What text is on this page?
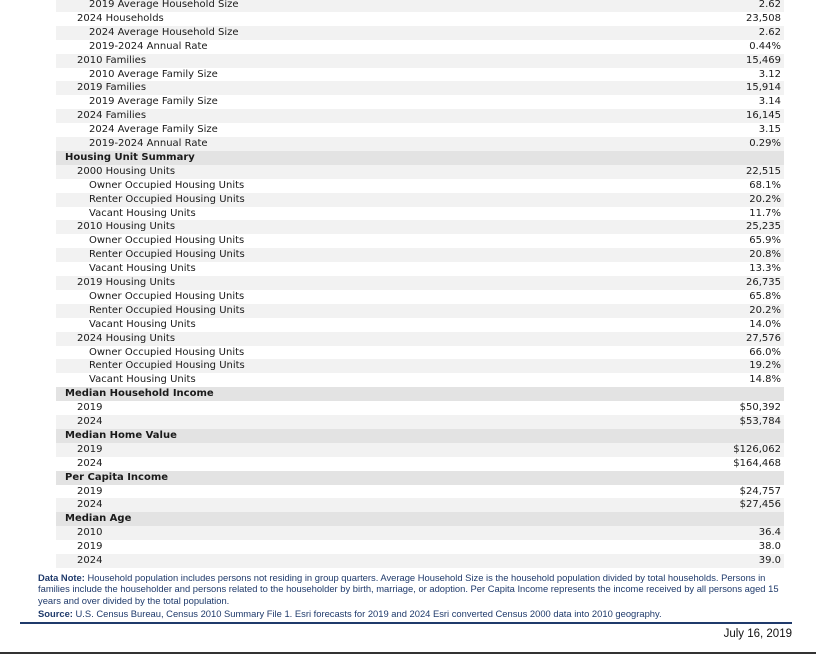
2019 Average Household Size	2.62
2024 Households	23,508
2024 Average Household Size	2.62
2019-2024 Annual Rate	0.44%
2010 Families	15,469
2010 Average Family Size	3.12
2019 Families	15,914
2019 Average Family Size	3.14
2024 Families	16,145
2024 Average Family Size	3.15
2019-2024 Annual Rate	0.29%
Housing Unit Summary
2000 Housing Units	22,515
Owner Occupied Housing Units	68.1%
Renter Occupied Housing Units	20.2%
Vacant Housing Units	11.7%
2010 Housing Units	25,235
Owner Occupied Housing Units	65.9%
Renter Occupied Housing Units	20.8%
Vacant Housing Units	13.3%
2019 Housing Units	26,735
Owner Occupied Housing Units	65.8%
Renter Occupied Housing Units	20.2%
Vacant Housing Units	14.0%
2024 Housing Units	27,576
Owner Occupied Housing Units	66.0%
Renter Occupied Housing Units	19.2%
Vacant Housing Units	14.8%
Median Household Income
2019	$50,392
2024	$53,784
Median Home Value
2019	$126,062
2024	$164,468
Per Capita Income
2019	$24,757
2024	$27,456
Median Age
2010	36.4
2019	38.0
2024	39.0
Data Note: Household population includes persons not residing in group quarters. Average Household Size is the household population divided by total households. Persons in families include the householder and persons related to the householder by birth, marriage, or adoption. Per Capita Income represents the income received by all persons aged 15 years and over divided by the total population.
Source: U.S. Census Bureau, Census 2010 Summary File 1. Esri forecasts for 2019 and 2024 Esri converted Census 2000 data into 2010 geography.
July 16, 2019
